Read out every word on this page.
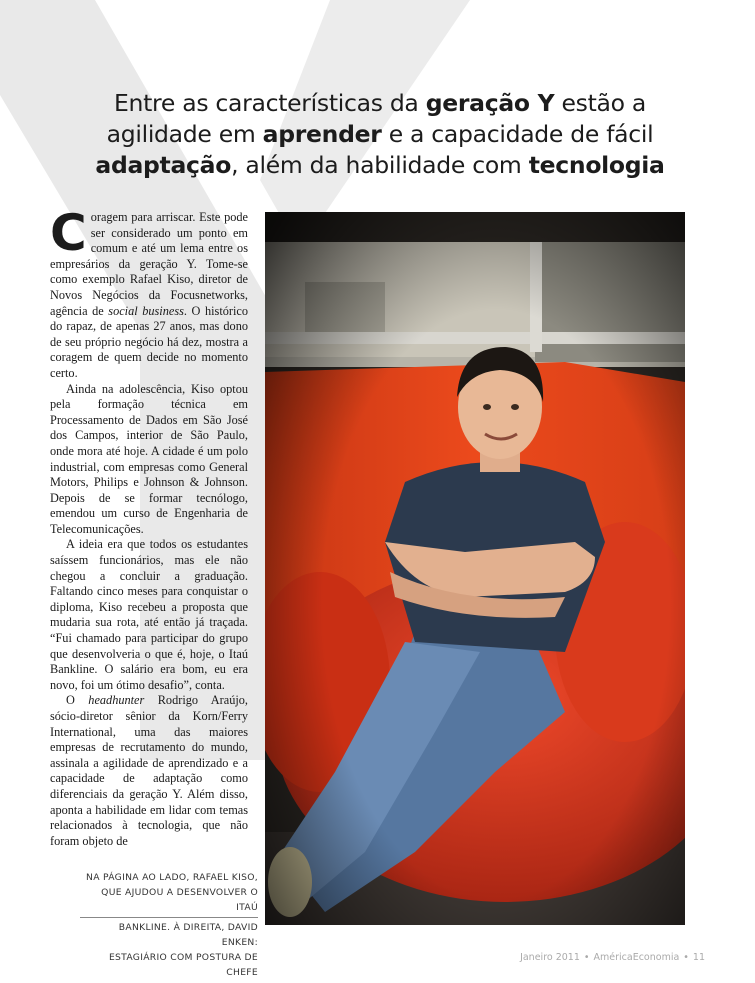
Entre as características da geração Y estão a agilidade em aprender e a capacidade de fácil adaptação, além da habilidade com tecnologia

Coragem para arriscar. Este pode ser considerado um ponto em comum e até um lema entre os empresários da geração Y. Tome-se como exemplo Rafael Kiso, diretor de Novos Negócios da Focusnetworks, agência de social business. O histórico do rapaz, de apenas 27 anos, mas dono de seu próprio negócio há dez, mostra a coragem de quem decide no momento certo.

Ainda na adolescência, Kiso optou pela formação técnica em Processamento de Dados em São José dos Campos, interior de São Paulo, onde mora até hoje. A cidade é um polo industrial, com empresas como General Motors, Philips e Johnson & Johnson. Depois de se formar tecnólogo, emendou um curso de Engenharia de Telecomunicações.

A ideia era que todos os estudantes saíssem funcionários, mas ele não chegou a concluir a graduação. Faltando cinco meses para conquistar o diploma, Kiso recebeu a proposta que mudaria sua rota, até então já traçada. “Fui chamado para participar do grupo que desenvolveria o que é, hoje, o Itaú Bankline. O salário era bom, eu era novo, foi um ótimo desafio”, conta.

O headhunter Rodrigo Araújo, sócio-diretor sênior da Korn/Ferry International, uma das maiores empresas de recrutamento do mundo, assinala a agilidade de aprendizado e a capacidade de adaptação como diferenciais da geração Y. Além disso, aponta a habilidade em lidar com temas relacionados à tecnologia, que não foram objeto de

NA PÁGINA AO LADO, RAFAEL KISO,
QUE AJUDOU A DESENVOLVER O ITAÚ
BANKLINE. À DIREITA, DAVID ENKEN:
ESTAGIÁRIO COM POSTURA DE CHEFE
Janeiro 2011 • AméricaEconomia • 11
